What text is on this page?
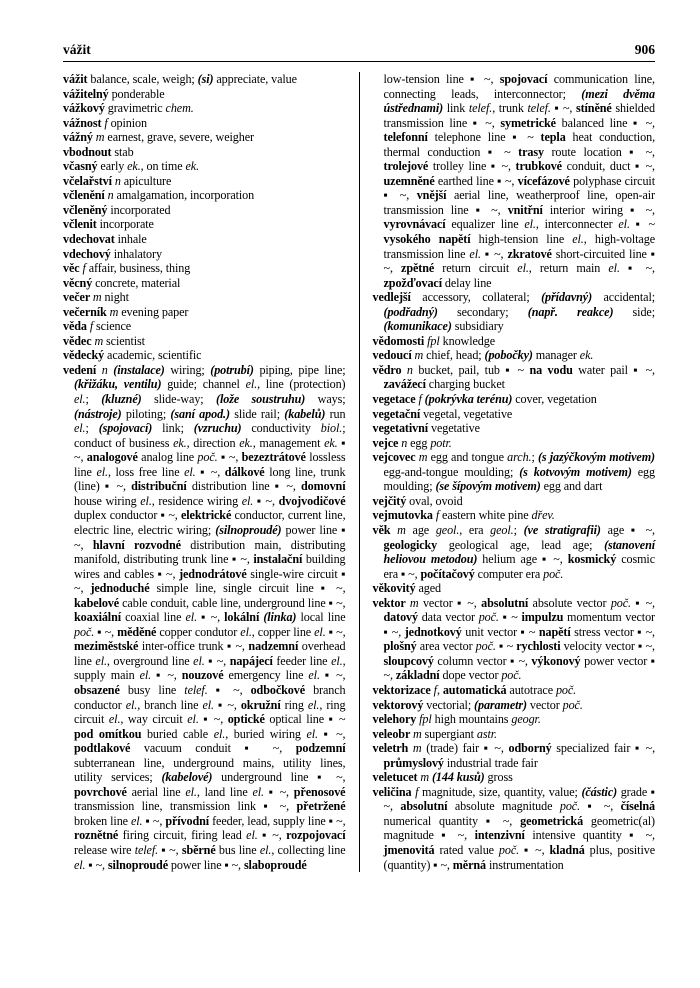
vážit	906

vážit balance, scale, weigh; (si) appreciate, value

vážitelný ponderable

vážkový gravimetric chem.

vážnost f opinion

vážný m earnest, grave, severe, weigher

vbodnout stab

včasný early ek., on time ek.

včelařství n apiculture

včlenění n amalgamation, incorporation

včleněný incorporated

včlenit incorporate

vdechovat inhale

vdechový inhalatory

věc f affair, business, thing

věcný concrete, material

večer m night

večerník m evening paper

věda f science

vědec m scientist

vědecký academic, scientific

vedení n (instalace) wiring; (potrubí) piping, pipe line; (křižáku, ventilu) guide; channel el., line (protection) el.; (kluzné) slide-way; (lože soustruhu) ways; (nástroje) piloting; (saní apod.) slide rail; (kabelů) run el.; (spojovací) link; (vzruchu) conductivity biol.; conduct of business ek., direction ek., management ek. ▪ ~, analogové analog line poč. ▪ ~, bezeztrátové lossless line el., loss free line el. ▪ ~, dálkové long line, trunk (line) ▪ ~, distribuční distribution line ▪ ~, domovní house wiring el., residence wiring el. ▪ ~, dvojvodičové duplex conductor ▪ ~, elektrické conductor, current line, electric line, electric wiring; (silnoproudé) power line ▪ ~, hlavní rozvodné distribution main, distributing manifold, distributing trunk line ▪ ~, instalační building wires and cables ▪ ~, jednodrátové single-wire circuit ▪ ~, jednoduché simple line, single circuit line ▪ ~, kabelové cable conduit, cable line, underground line ▪ ~, koaxiální coaxial line el. ▪ ~, lokální (linka) local line poč. ▪ ~, měděné copper condutor el., copper line el. ▪ ~, meziměstské inter-office trunk ▪ ~, nadzemní overhead line el., overground line el. ▪ ~, napájecí feeder line el., supply main el. ▪ ~, nouzové emergency line el. ▪ ~, obsazené busy line telef. ▪ ~, odbočkové branch conductor el., branch line el. ▪ ~, okružní ring el., ring circuit el., way circuit el. ▪ ~, optické optical line ▪ ~ pod omítkou buried cable el., buried wiring el. ▪ ~, podtlakové vacuum conduit ▪ ~, podzemní subterranean line, underground mains, utility lines, utility services; (kabelové) underground line ▪ ~, povrchové aerial line el., land line el. ▪ ~, přenosové transmission line, transmission link ▪ ~, přetržené broken line el. ▪ ~, přívodní feeder, lead, supply line ▪ ~, roznětné firing circuit, firing lead el. ▪ ~, rozpojovací release wire telef. ▪ ~, sběrné bus line el., collecting line el. ▪ ~, silnoproudé power line ▪ ~, slaboproudé

low-tension line ▪ ~, spojovací communication line, connecting leads, interconnector; (mezi dvěma ústřednami) link telef., trunk telef. ▪ ~, stíněné shielded transmission line ▪ ~, symetrické balanced line ▪ ~, telefonní telephone line ▪ ~ tepla heat conduction, thermal conduction ▪ ~ trasy route location ▪ ~, trolejové trolley line ▪ ~, trubkové conduit, duct ▪ ~, uzemněné earthed line ▪ ~, vícefázové polyphase circuit ▪ ~, vnější aerial line, weatherproof line, open-air transmission line ▪ ~, vnitřní interior wiring ▪ ~, vyrovnávací equalizer line el., interconnecter el. ▪ ~ vysokého napětí high-tension line el., high-voltage transmission line el. ▪ ~, zkratové short-circuited line ▪ ~, zpětné return circuit el., return main el. ▪ ~, zpožďovací delay line

vedlejší accessory, collateral; (přídavný) accidental; (podřadný) secondary; (např. reakce) side; (komunikace) subsidiary

vědomosti fpl knowledge

vedoucí m chief, head; (pobočky) manager ek.

vědro n bucket, pail, tub ▪ ~ na vodu water pail ▪ ~, zavážecí charging bucket

vegetace f (pokrývka terénu) cover, vegetation

vegetační vegetal, vegetative

vegetativní vegetative

vejce n egg potr.

vejcovec m egg and tongue arch.; (s jazýčkovým motivem) egg-and-tongue moulding; (s kotvovým motivem) egg moulding; (se šípovým motivem) egg and dart

vejčitý oval, ovoid

vejmutovka f eastern white pine dřev.

věk m age geol., era geol.; (ve stratigrafii) age ▪ ~, geologicky geological age, lead age; (stanovení heliovou metodou) helium age ▪ ~, kosmický cosmic era ▪ ~, počítačový computer era poč.

věkovitý aged

vektor m vector ▪ ~, absolutní absolute vector poč. ▪ ~, datový data vector poč. ▪ ~ impulzu momentum vector ▪ ~, jednotkový unit vector ▪ ~ napětí stress vector ▪ ~, plošný area vector poč. ▪ ~ rychlosti velocity vector ▪ ~, sloupcový column vector ▪ ~, výkonový power vector ▪ ~, základní dope vector poč.

vektorizace f, automatická autotrace poč.

vektorový vectorial; (parametr) vector poč.

velehory fpl high mountains geogr.

veleobr m supergiant astr.

veletrh m (trade) fair ▪ ~, odborný specialized fair ▪ ~, průmyslový industrial trade fair

veletucet m (144 kusů) gross

veličina f magnitude, size, quantity, value; (částic) grade ▪ ~, absolutní absolute magnitude poč. ▪ ~, číselná numerical quantity ▪ ~, geometrická geometric(al) magnitude ▪ ~, intenzivní intensive quantity ▪ ~, jmenovitá rated value poč. ▪ ~, kladná plus, positive (quantity) ▪ ~, měrná instrumentation
